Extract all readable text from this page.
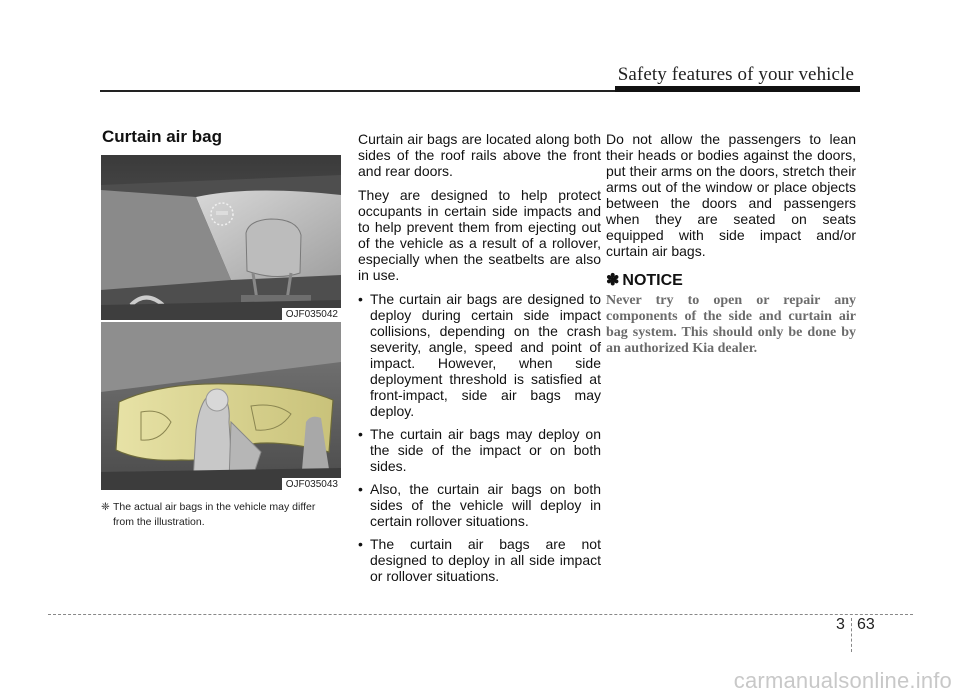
Safety features of your vehicle
Curtain air bag
OJF035042
OJF035043
❈ The actual air bags in the vehicle may differ
from the illustration.

Curtain air bags are located along both sides of the roof rails above the front and rear doors.

They are designed to help protect occupants in certain side impacts and to help prevent them from ejecting out of the vehicle as a result of a rollover, especially when the seatbelts are also in use.

• The curtain air bags are designed to deploy during certain side impact collisions, depending on the crash severity, angle, speed and point of impact. However, when side deployment threshold is satisfied at front-impact, side air bags may deploy.
• The curtain air bags may deploy on the side of the impact or on both sides.
• Also, the curtain air bags on both sides of the vehicle will deploy in certain rollover situations.
• The curtain air bags are not designed to deploy in all side impact or rollover situations.

Do not allow the passengers to lean their heads or bodies against the doors, put their arms on the doors, stretch their arms out of the window or place objects between the doors and passengers when they are seated on seats equipped with side impact and/or curtain air bags.

✽ NOTICE

Never try to open or repair any components of the side and curtain air bag system. This should only be done by an authorized Kia dealer.

3 63
carmanualsonline.info
